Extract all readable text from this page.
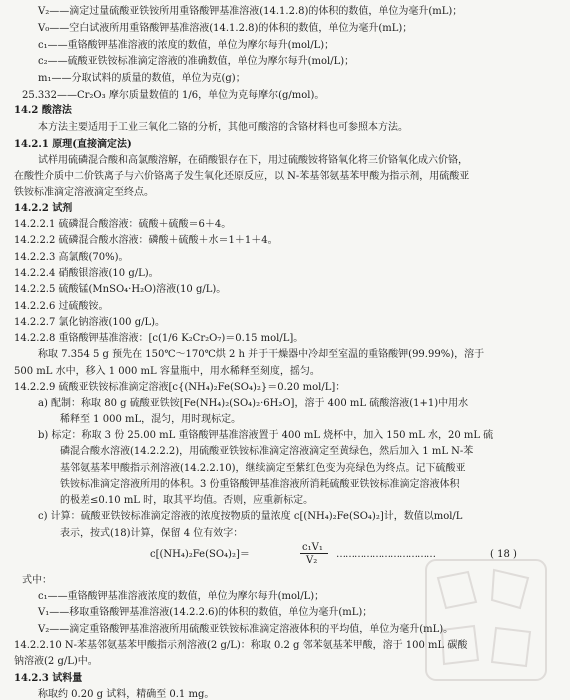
V₂——滴定过量硫酸亚铁铵所用重铬酸钾基准溶液(14.1.2.8)的体积的数值，单位为毫升(mL)；
V₀——空白试液所用重铬酸钾基准溶液(14.1.2.8)的体积的数值，单位为毫升(mL)；
c₁——重铬酸钾基准溶液的浓度的数值，单位为摩尔每升(mol/L)；
c₂——硫酸亚铁铵标准滴定溶液的准确数值，单位为摩尔每升(mol/L)；
m₁——分取试料的质量的数值，单位为克(g)；
25.332——Cr₂O₃ 摩尔质量数值的 1/6，单位为克每摩尔(g/mol)。
14.2 酸溶法
本方法主要适用于工业三氧化二铬的分析，其他可酸溶的含铬材料也可参照本方法。
14.2.1 原理(直接滴定法)
试样用硫磷混合酸和高氯酸溶解，在硝酸银存在下，用过硫酸铵将铬氧化将三价铬氧化成六价铬，
在酸性介质中二价铁离子与六价铬离子发生氧化还原反应，以 N-苯基邻氨基苯甲酸为指示剂，用硫酸亚
铁铵标准滴定溶液滴定至终点。
14.2.2 试剂
14.2.2.1 硫磷混合酸溶液：硫酸＋硫酸＝6＋4。
14.2.2.2 硫磷混合酸水溶液：磷酸＋硫酸＋水＝1＋1＋4。
14.2.2.3 高氯酸(70%)。
14.2.2.4 硝酸银溶液(10 g/L)。
14.2.2.5 硫酸锰(MnSO₄·H₂O)溶液(10 g/L)。
14.2.2.6 过硫酸铵。
14.2.2.7 氯化钠溶液(100 g/L)。
14.2.2.8 重铬酸钾基准溶液：[c(1/6 K₂Cr₂O₇)＝0.15 mol/L]。
称取 7.354 5 g 预先在 150℃～170℃烘 2 h 并于干燥器中冷却至室温的重铬酸钾(99.99%)，溶于
500 mL 水中，移入 1 000 mL 容量瓶中，用水稀释至刻度，摇匀。
14.2.2.9 硫酸亚铁铵标准滴定溶液[c{(NH₄)₂Fe(SO₄)₂}＝0.20 mol/L]：
a) 配制：称取 80 g 硫酸亚铁铵[Fe(NH₄)₂(SO₄)₂·6H₂O]，溶于 400 mL 硫酸溶液(1+1)中用水
稀释至 1 000 mL，混匀，用时现标定。
b) 标定：称取 3 份 25.00 mL 重铬酸钾基准溶液置于 400 mL 烧杯中，加入 150 mL 水，20 mL 硫
磷混合酸水溶液(14.2.2.2)，用硫酸亚铁铵标准滴定溶液滴定至黄绿色，然后加入 1 mL N-苯
基邻氨基苯甲酸指示剂溶液(14.2.2.10)，继续滴定至紫红色变为亮绿色为终点。记下硫酸亚
铁铵标准滴定溶液所用的体积。3 份重铬酸钾基准溶液所消耗硫酸亚铁铵标准滴定溶液体积
的极差≤0.10 mL 时，取其平均值。否则，应重新标定。
c) 计算：硫酸亚铁铵标准滴定溶液的浓度按物质的量浓度 c[(NH₄)₂Fe(SO₄)₂]计，数值以mol/L
表示，按式(18)计算，保留 4 位有效字：
式中：
c₁——重铬酸钾基准溶液浓度的数值，单位为摩尔每升(mol/L)；
V₁——移取重铬酸钾基准溶液(14.2.2.6)的体积的数值，单位为毫升(mL)；
V₂——滴定重铬酸钾基准溶液所用硫酸亚铁铵标准滴定溶液体积的平均值，单位为毫升(mL)。
14.2.2.10 N-苯基邻氨基苯甲酸指示剂溶液(2 g/L)：称取 0.2 g 邻苯氨基苯甲酸，溶于 100 mL 碳酸
钠溶液(2 g/L)中。
14.2.3 试料量
称取约 0.20 g 试料，精确至 0.1 mg。
c[(NH₄)₂Fe(SO₄)₂]＝
c₁V₁
V₂
……………………………	( 18 )
